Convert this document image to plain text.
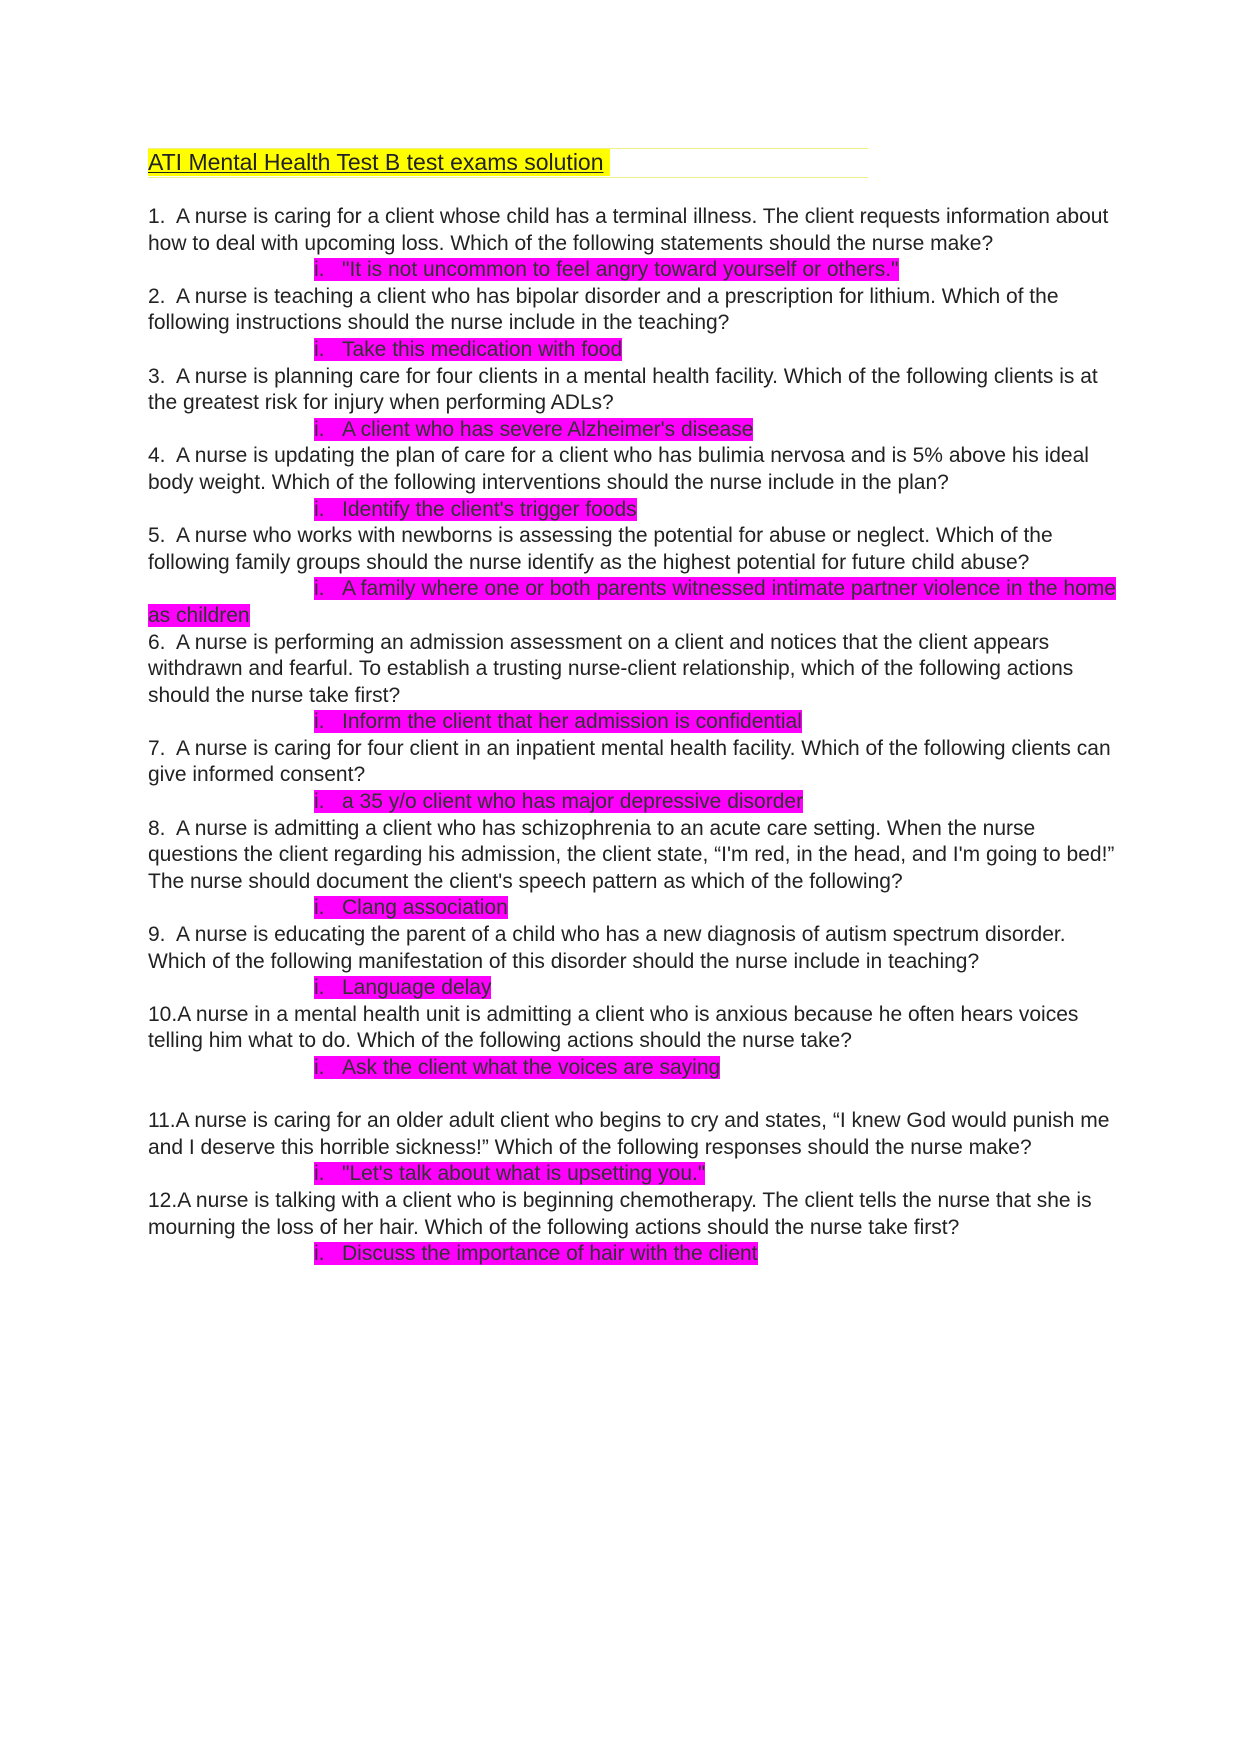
ATI Mental Health Test B test exams solution

1. A nurse is caring for a client whose child has a terminal illness. The client requests information about how to deal with upcoming loss. Which of the following statements should the nurse make?

i. "It is not uncommon to feel angry toward yourself or others."

2. A nurse is teaching a client who has bipolar disorder and a prescription for lithium. Which of the following instructions should the nurse include in the teaching?

i. Take this medication with food

3. A nurse is planning care for four clients in a mental health facility. Which of the following clients is at the greatest risk for injury when performing ADLs?

i. A client who has severe Alzheimer's disease

4. A nurse is updating the plan of care for a client who has bulimia nervosa and is 5% above his ideal body weight. Which of the following interventions should the nurse include in the plan?

i. Identify the client's trigger foods

5. A nurse who works with newborns is assessing the potential for abuse or neglect. Which of the following family groups should the nurse identify as the highest potential for future child abuse?

i. A family where one or both parents witnessed intimate partner violence in the home as children

6. A nurse is performing an admission assessment on a client and notices that the client appears withdrawn and fearful. To establish a trusting nurse-client relationship, which of the following actions should the nurse take first?

i. Inform the client that her admission is confidential

7. A nurse is caring for four client in an inpatient mental health facility. Which of the following clients can give informed consent?

i. a 35 y/o client who has major depressive disorder

8. A nurse is admitting a client who has schizophrenia to an acute care setting. When the nurse questions the client regarding his admission, the client state, “I'm red, in the head, and I'm going to bed!” The nurse should document the client's speech pattern as which of the following?

i. Clang association

9. A nurse is educating the parent of a child who has a new diagnosis of autism spectrum disorder. Which of the following manifestation of this disorder should the nurse include in teaching?

i. Language delay

10.A nurse in a mental health unit is admitting a client who is anxious because he often hears voices telling him what to do. Which of the following actions should the nurse take?

i. Ask the client what the voices are saying

11.A nurse is caring for an older adult client who begins to cry and states, “I knew God would punish me and I deserve this horrible sickness!” Which of the following responses should the nurse make?

i. "Let's talk about what is upsetting you."

12.A nurse is talking with a client who is beginning chemotherapy. The client tells the nurse that she is mourning the loss of her hair. Which of the following actions should the nurse take first?

i. Discuss the importance of hair with the client
